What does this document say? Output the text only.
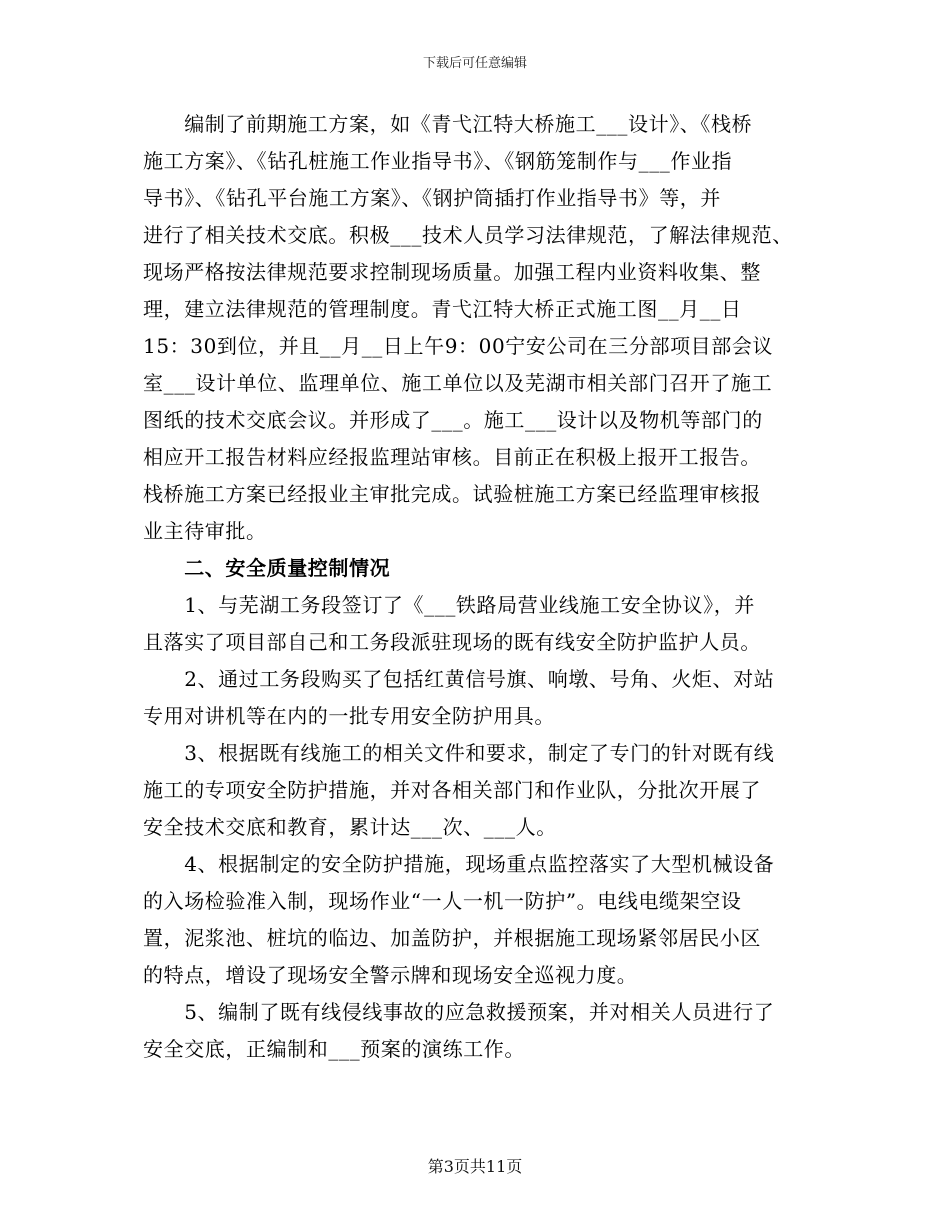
下载后可任意编辑
　　编制了前期施工方案，如《青弋江特大桥施工___设计》、《栈桥
施工方案》、《钻孔桩施工作业指导书》、《钢筋笼制作与___作业指
导书》、《钻孔平台施工方案》、《钢护筒插打作业指导书》等，并
进行了相关技术交底。积极___技术人员学习法律规范，了解法律规范、
现场严格按法律规范要求控制现场质量。加强工程内业资料收集、整
理，建立法律规范的管理制度。青弋江特大桥正式施工图__月__日
15：30到位，并且__月__日上午9：00宁安公司在三分部项目部会议
室___设计单位、监理单位、施工单位以及芜湖市相关部门召开了施工
图纸的技术交底会议。并形成了___。施工___设计以及物机等部门的
相应开工报告材料应经报监理站审核。目前正在积极上报开工报告。
栈桥施工方案已经报业主审批完成。试验桩施工方案已经监理审核报
业主待审批。
　　二、安全质量控制情况
　　1、与芜湖工务段签订了《___铁路局营业线施工安全协议》，并
且落实了项目部自己和工务段派驻现场的既有线安全防护监护人员。
　　2、通过工务段购买了包括红黄信号旗、响墩、号角、火炬、对站
专用对讲机等在内的一批专用安全防护用具。
　　3、根据既有线施工的相关文件和要求，制定了专门的针对既有线
施工的专项安全防护措施，并对各相关部门和作业队，分批次开展了
安全技术交底和教育，累计达___次、___人。
　　4、根据制定的安全防护措施，现场重点监控落实了大型机械设备
的入场检验准入制，现场作业“一人一机一防护”。电线电缆架空设
置，泥浆池、桩坑的临边、加盖防护，并根据施工现场紧邻居民小区
的特点，增设了现场安全警示牌和现场安全巡视力度。
　　5、编制了既有线侵线事故的应急救援预案，并对相关人员进行了
安全交底，正编制和___预案的演练工作。
第3页共11页
